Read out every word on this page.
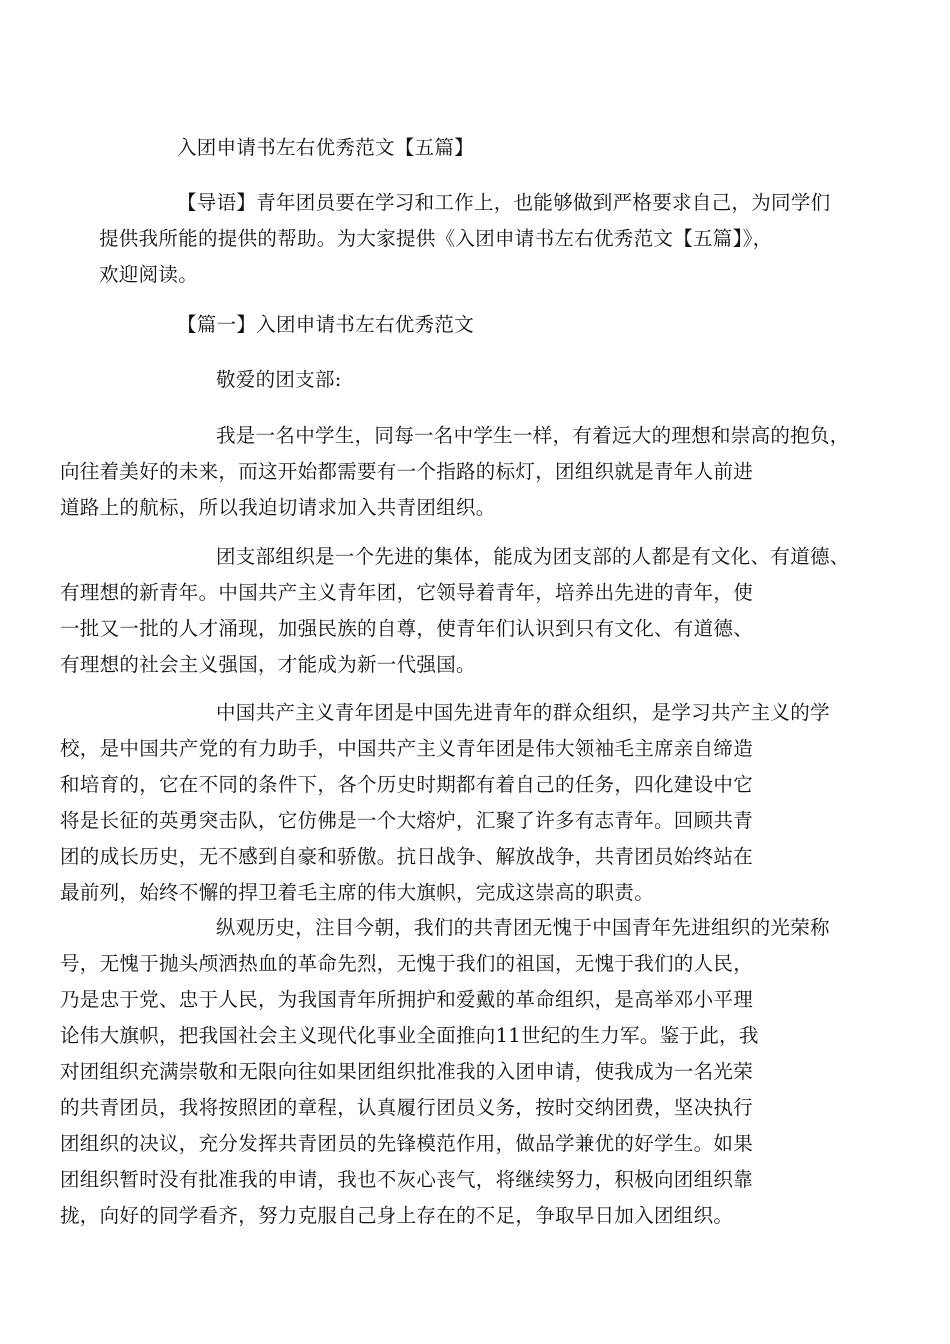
入团申请书左右优秀范文【五篇】

【导语】青年团员要在学习和工作上，也能够做到严格要求自己，为同学们
提供我所能的提供的帮助。为大家提供《入团申请书左右优秀范文【五篇】》，
欢迎阅读。

【篇一】入团申请书左右优秀范文

敬爱的团支部:

我是一名中学生，同每一名中学生一样，有着远大的理想和崇高的抱负，
向往着美好的未来，而这开始都需要有一个指路的标灯，团组织就是青年人前进
道路上的航标，所以我迫切请求加入共青团组织。

团支部组织是一个先进的集体，能成为团支部的人都是有文化、有道德、
有理想的新青年。中国共产主义青年团，它领导着青年，培养出先进的青年，使
一批又一批的人才涌现，加强民族的自尊，使青年们认识到只有文化、有道德、
有理想的社会主义强国，才能成为新一代强国。

中国共产主义青年团是中国先进青年的群众组织，是学习共产主义的学
校，是中国共产党的有力助手，中国共产主义青年团是伟大领袖毛主席亲自缔造
和培育的，它在不同的条件下，各个历史时期都有着自己的任务，四化建设中它
将是长征的英勇突击队，它仿佛是一个大熔炉，汇聚了许多有志青年。回顾共青
团的成长历史，无不感到自豪和骄傲。抗日战争、解放战争，共青团员始终站在
最前列，始终不懈的捍卫着毛主席的伟大旗帜，完成这崇高的职责。

纵观历史，注目今朝，我们的共青团无愧于中国青年先进组织的光荣称
号，无愧于抛头颅洒热血的革命先烈，无愧于我们的祖国，无愧于我们的人民，
乃是忠于党、忠于人民，为我国青年所拥护和爱戴的革命组织，是高举邓小平理
论伟大旗帜，把我国社会主义现代化事业全面推向11世纪的生力军。鉴于此，我
对团组织充满崇敬和无限向往如果团组织批准我的入团申请，使我成为一名光荣
的共青团员，我将按照团的章程，认真履行团员义务，按时交纳团费，坚决执行
团组织的决议，充分发挥共青团员的先锋模范作用，做品学兼优的好学生。如果
团组织暂时没有批准我的申请，我也不灰心丧气，将继续努力，积极向团组织靠
拢，向好的同学看齐，努力克服自己身上存在的不足，争取早日加入团组织。
